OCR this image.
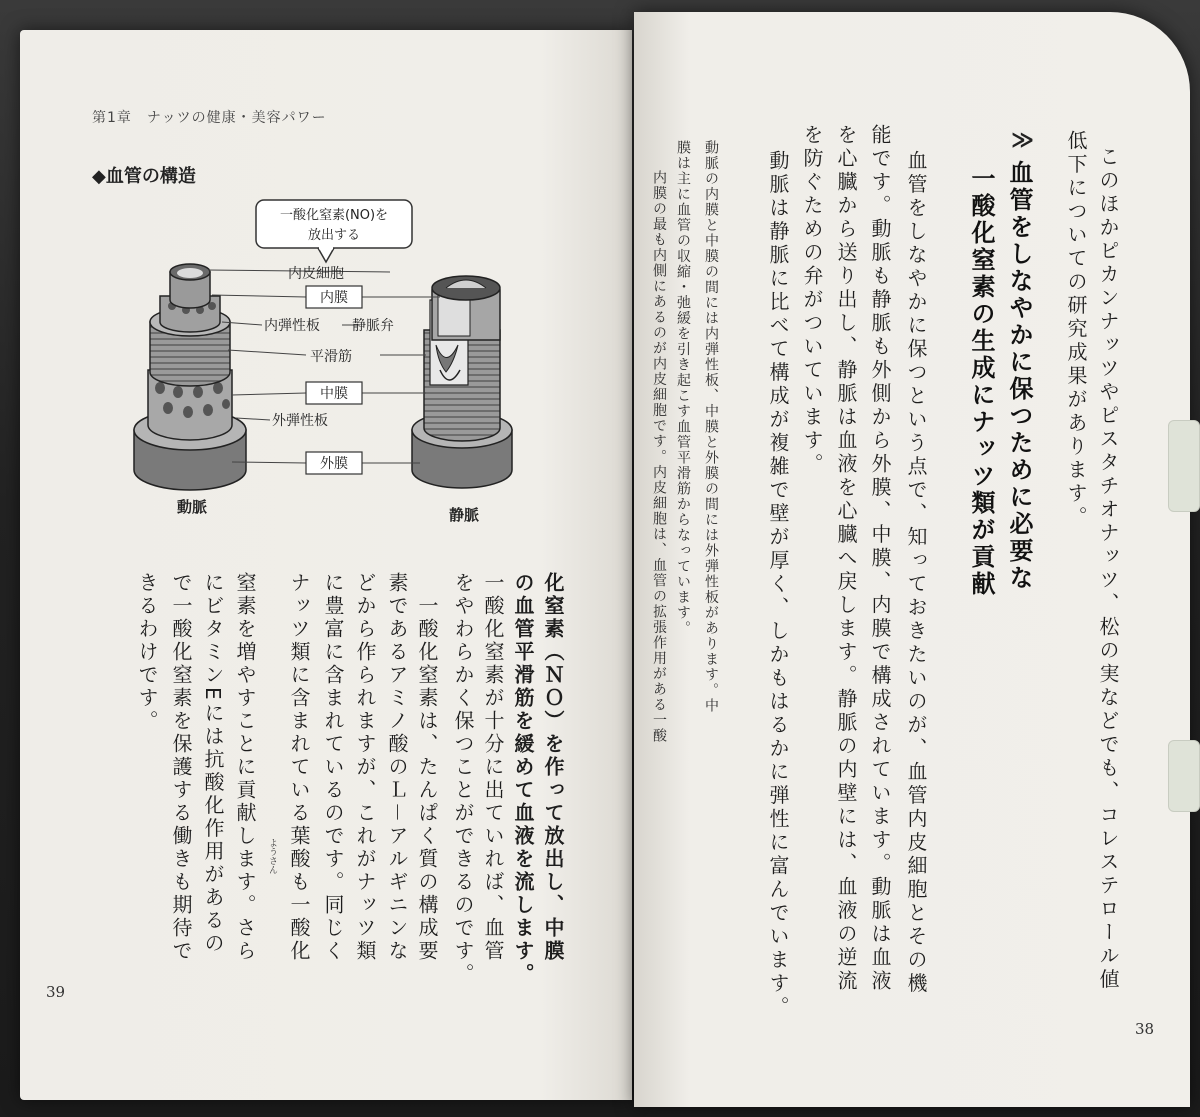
第1章　ナッツの健康・美容パワー
◆血管の構造
一酸化窒素(NO)を
放出する
内皮細胞
内膜
内弾性板 静脈弁
平滑筋
中膜
外弾性板
外膜
動脈	静脈
化窒素（ＮＯ）を作って放出し、中膜
の血管平滑筋を緩めて血液を流します。
一酸化窒素が十分に出ていれば、血管
をやわらかく保つことができるのです。
一酸化窒素は、たんぱく質の構成要
素であるアミノ酸のＬ－アルギニンな
どから作られますが、これがナッツ類
に豊富に含まれているのです。同じく
ナッツ類に含まれている葉酸も一酸化
ようさん
窒素を増やすことに貢献します。さら
にビタミンEには抗酸化作用があるの
で一酸化窒素を保護する働きも期待で
きるわけです。
39	このほかピカンナッツやピスタチオナッツ、松の実などでも、コレステロール値
低下についての研究成果があります。
≫
血管をしなやかに保つために必要な
一酸化窒素の生成にナッツ類が貢献
血管をしなやかに保つという点で、知っておきたいのが、血管内皮細胞とその機
能です。動脈も静脈も外側から外膜、中膜、内膜で構成されています。動脈は血液
を心臓から送り出し、静脈は血液を心臓へ戻します。静脈の内壁には、血液の逆流
を防ぐための弁がついています。
動脈は静脈に比べて構成が複雑で壁が厚く、しかもはるかに弾性に富んでいます。
動脈の内膜と中膜の間には内弾性板、中膜と外膜の間には外弾性板があります。中
膜は主に血管の収縮・弛緩を引き起こす血管平滑筋からなっています。
内膜の最も内側にあるのが内皮細胞です。内皮細胞は、血管の拡張作用がある一酸
38
